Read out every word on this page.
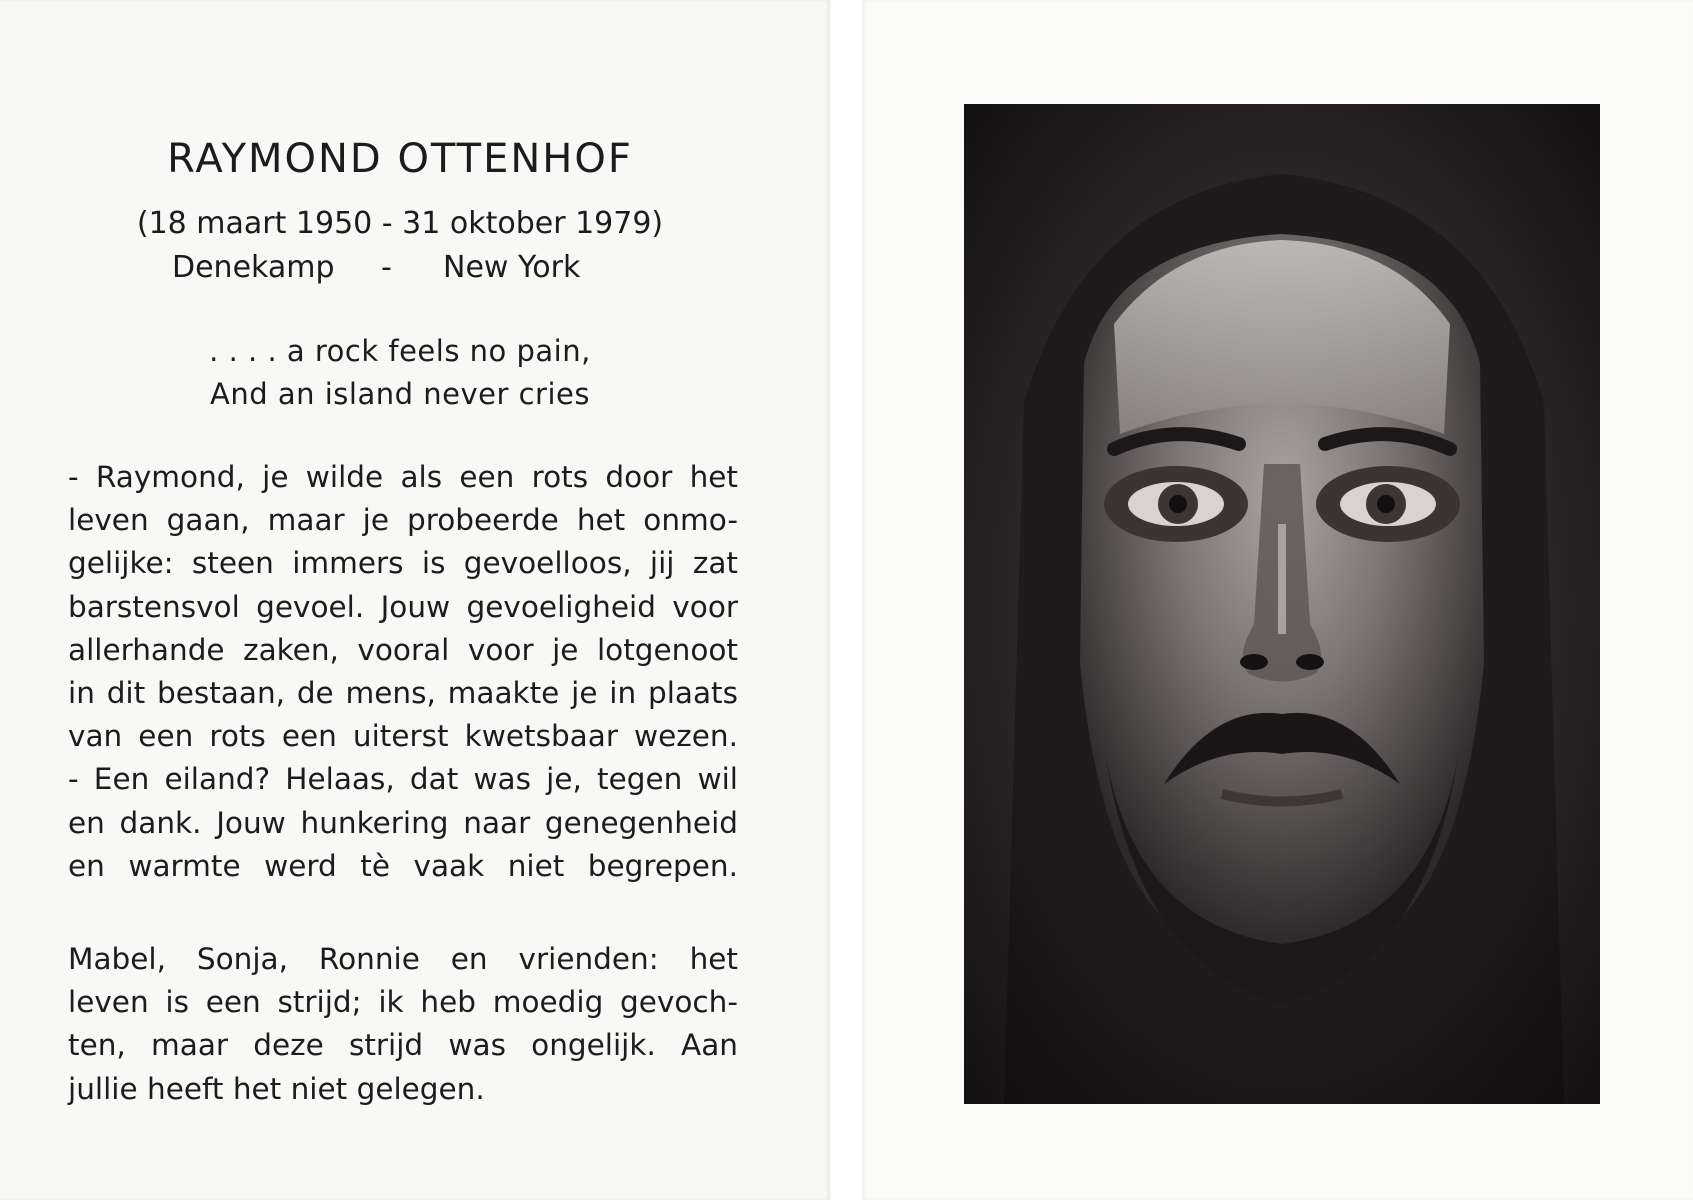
RAYMOND OTTENHOF
(18 maart 1950 - 31 oktober 1979)
Denekamp - New York
. . . . a rock feels no pain,
And an island never cries
- Raymond, je wilde als een rots door het
leven gaan, maar je probeerde het onmo-
gelijke: steen immers is gevoelloos, jij zat
barstensvol gevoel. Jouw gevoeligheid voor
allerhande zaken, vooral voor je lotgenoot
in dit bestaan, de mens, maakte je in plaats
van een rots een uiterst kwetsbaar wezen.
- Een eiland? Helaas, dat was je, tegen wil
en dank. Jouw hunkering naar genegenheid
en warmte werd tè vaak niet begrepen.
Mabel, Sonja, Ronnie en vrienden: het
leven is een strijd; ik heb moedig gevoch-
ten, maar deze strijd was ongelijk. Aan
jullie heeft het niet gelegen.
